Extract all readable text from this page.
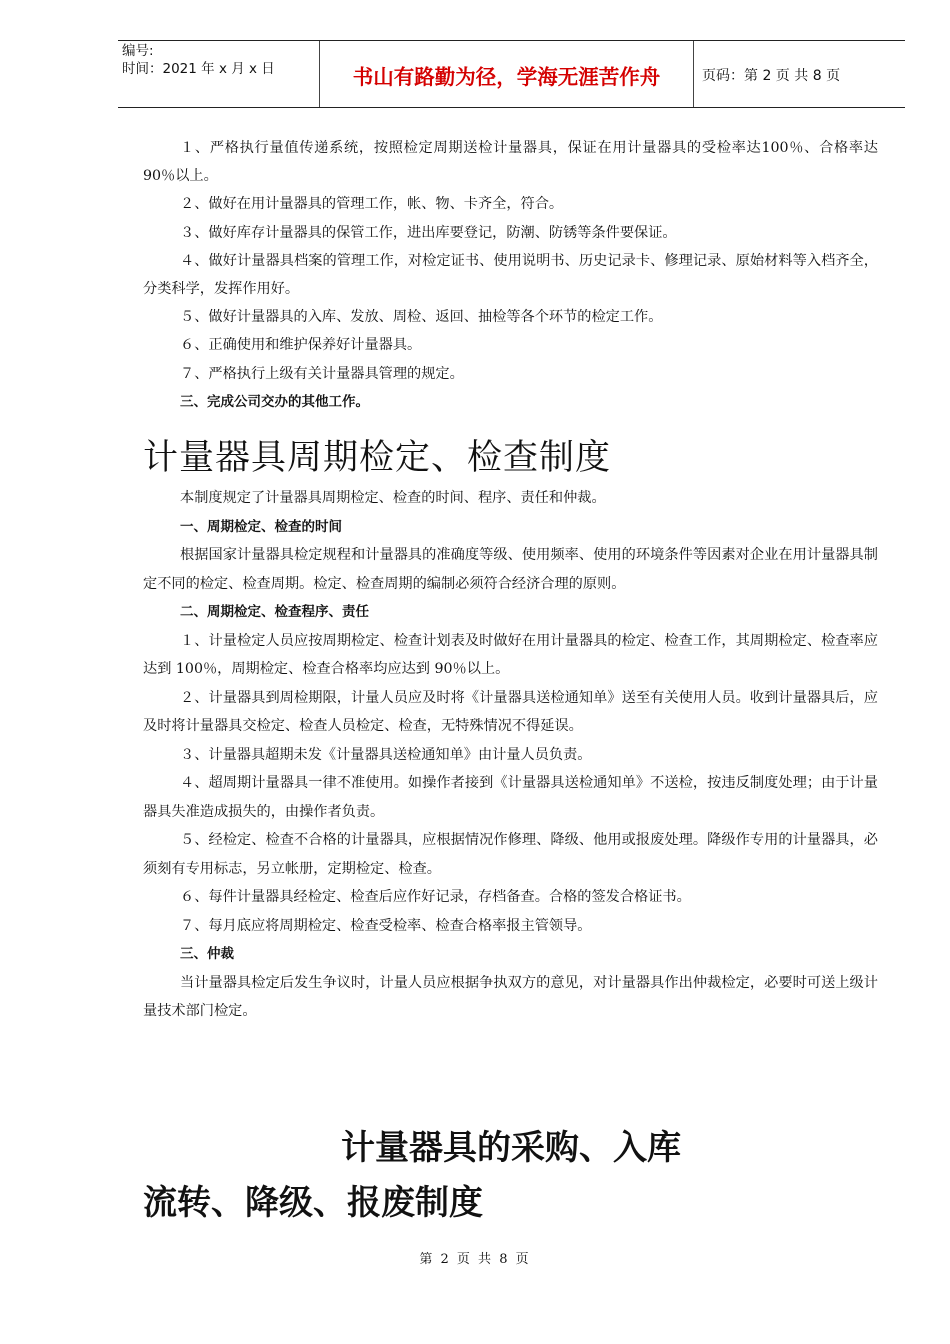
编号:
时间：2021 年 x 月 x 日	书山有路勤为径，学海无涯苦作舟	页码：第 2 页 共 8 页

１、严格执行量值传递系统，按照检定周期送检计量器具，保证在用计量器具的受检率达100％、合格率达 90％以上。

２、做好在用计量器具的管理工作，帐、物、卡齐全，符合。

３、做好库存计量器具的保管工作，进出库要登记，防潮、防锈等条件要保证。

４、做好计量器具档案的管理工作，对检定证书、使用说明书、历史记录卡、修理记录、原始材料等入档齐全，分类科学，发挥作用好。

５、做好计量器具的入库、发放、周检、返回、抽检等各个环节的检定工作。

６、正确使用和维护保养好计量器具。

７、严格执行上级有关计量器具管理的规定。

三、完成公司交办的其他工作。

计量器具周期检定、检查制度

本制度规定了计量器具周期检定、检查的时间、程序、责任和仲裁。

一、周期检定、检查的时间

根据国家计量器具检定规程和计量器具的准确度等级、使用频率、使用的环境条件等因素对企业在用计量器具制定不同的检定、检查周期。检定、检查周期的编制必须符合经济合理的原则。

二、周期检定、检查程序、责任

１、计量检定人员应按周期检定、检查计划表及时做好在用计量器具的检定、检查工作，其周期检定、检查率应达到 100％，周期检定、检查合格率均应达到 90％以上。

２、计量器具到周检期限，计量人员应及时将《计量器具送检通知单》送至有关使用人员。收到计量器具后，应及时将计量器具交检定、检查人员检定、检查，无特殊情况不得延误。

３、计量器具超期未发《计量器具送检通知单》由计量人员负责。

４、超周期计量器具一律不准使用。如操作者接到《计量器具送检通知单》不送检，按违反制度处理；由于计量器具失准造成损失的，由操作者负责。

５、经检定、检查不合格的计量器具，应根据情况作修理、降级、他用或报废处理。降级作专用的计量器具，必须刻有专用标志，另立帐册，定期检定、检查。

６、每件计量器具经检定、检查后应作好记录，存档备查。合格的签发合格证书。

７、每月底应将周期检定、检查受检率、检查合格率报主管领导。

三、仲裁

当计量器具检定后发生争议时，计量人员应根据争执双方的意见，对计量器具作出仲裁检定，必要时可送上级计量技术部门检定。

计量器具的采购、入库
流转、降级、报废制度
第 2 页 共 8 页
